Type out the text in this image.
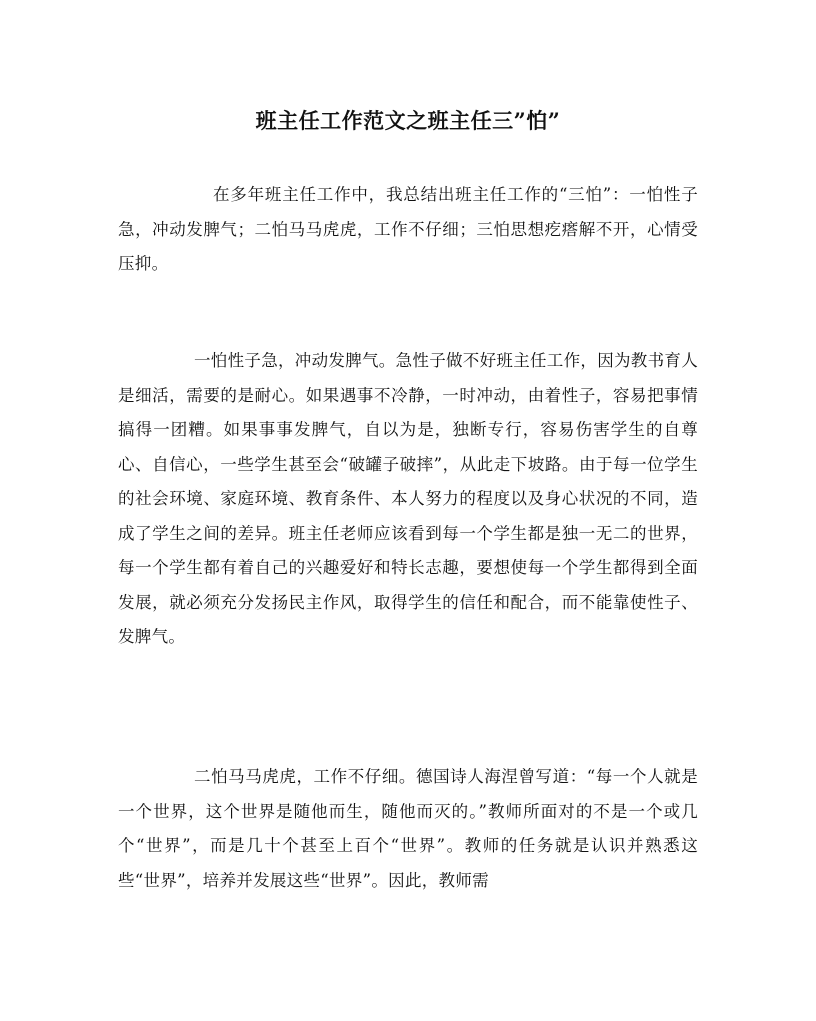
班主任工作范文之班主任三”怕”

在多年班主任工作中，我总结出班主任工作的“三怕”：一怕性子急，冲动发脾气；二怕马马虎虎，工作不仔细；三怕思想疙瘩解不开，心情受压抑。

一怕性子急，冲动发脾气。急性子做不好班主任工作，因为教书育人是细活，需要的是耐心。如果遇事不冷静，一时冲动，由着性子，容易把事情搞得一团糟。如果事事发脾气，自以为是，独断专行，容易伤害学生的自尊心、自信心，一些学生甚至会“破罐子破摔”，从此走下坡路。由于每一位学生的社会环境、家庭环境、教育条件、本人努力的程度以及身心状况的不同，造成了学生之间的差异。班主任老师应该看到每一个学生都是独一无二的世界，每一个学生都有着自己的兴趣爱好和特长志趣，要想使每一个学生都得到全面发展，就必须充分发扬民主作风，取得学生的信任和配合，而不能靠使性子、发脾气。

二怕马马虎虎，工作不仔细。德国诗人海涅曾写道：“每一个人就是一个世界，这个世界是随他而生，随他而灭的。”教师所面对的不是一个或几个“世界”，而是几十个甚至上百个“世界”。教师的任务就是认识并熟悉这些“世界”，培养并发展这些“世界”。因此，教师需
